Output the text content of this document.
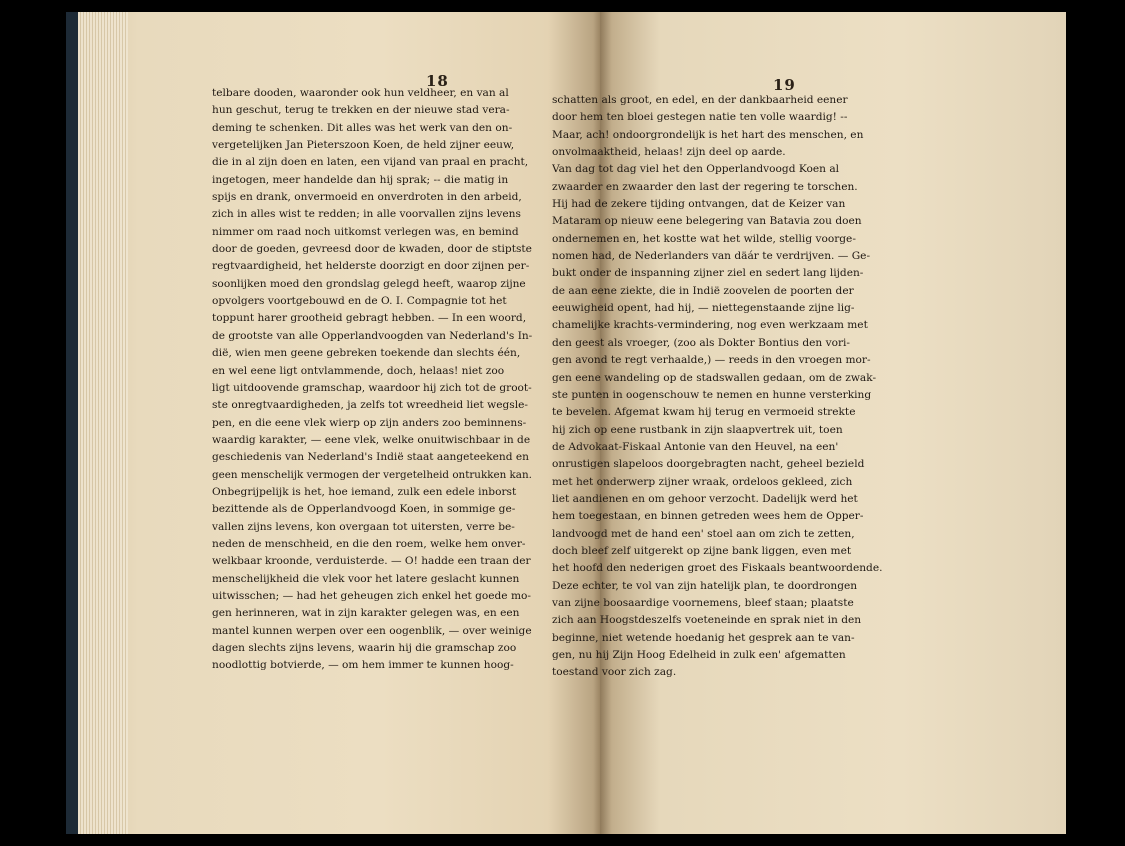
18	19
telbare dooden, waaronder ook hun veldheer, en van al
hun geschut, terug te trekken en der nieuwe stad vera-
deming te schenken. Dit alles was het werk van den on-
vergetelijken Jan Pieterszoon Koen, de held zijner eeuw,
die in al zijn doen en laten, een vijand van praal en pracht,
ingetogen, meer handelde dan hij sprak; -- die matig in
spijs en drank, onvermoeid en onverdroten in den arbeid,
zich in alles wist te redden; in alle voorvallen zijns levens
nimmer om raad noch uitkomst verlegen was, en bemind
door de goeden, gevreesd door de kwaden, door de stiptste
regtvaardigheid, het helderste doorzigt en door zijnen per-
soonlijken moed den grondslag gelegd heeft, waarop zijne
opvolgers voortgebouwd en de O. I. Compagnie tot het
toppunt harer grootheid gebragt hebben. — In een woord,
de grootste van alle Opperlandvoogden van Nederland's In-
dië, wien men geene gebreken toekende dan slechts één,
en wel eene ligt ontvlammende, doch, helaas! niet zoo
ligt uitdoovende gramschap, waardoor hij zich tot de groot-
ste onregtvaardigheden, ja zelfs tot wreedheid liet wegsle-
pen, en die eene vlek wierp op zijn anders zoo beminnens-
waardig karakter, — eene vlek, welke onuitwischbaar in de
geschiedenis van Nederland's Indië staat aangeteekend en
geen menschelijk vermogen der vergetelheid ontrukken kan.
Onbegrijpelijk is het, hoe iemand, zulk een edele inborst
bezittende als de Opperlandvoogd Koen, in sommige ge-
vallen zijns levens, kon overgaan tot uitersten, verre be-
neden de menschheid, en die den roem, welke hem onver-
welkbaar kroonde, verduisterde. — O! hadde een traan der
menschelijkheid die vlek voor het latere geslacht kunnen
uitwisschen; — had het geheugen zich enkel het goede mo-
gen herinneren, wat in zijn karakter gelegen was, en een
mantel kunnen werpen over een oogenblik, — over weinige
dagen slechts zijns levens, waarin hij die gramschap zoo
noodlottig botvierde, — om hem immer te kunnen hoog-
schatten als groot, en edel, en der dankbaarheid eener
door hem ten bloei gestegen natie ten volle waardig! --
Maar, ach! ondoorgrondelijk is het hart des menschen, en
onvolmaaktheid, helaas! zijn deel op aarde.
Van dag tot dag viel het den Opperlandvoogd Koen al
zwaarder en zwaarder den last der regering te torschen.
Hij had de zekere tijding ontvangen, dat de Keizer van
Mataram op nieuw eene belegering van Batavia zou doen
ondernemen en, het kostte wat het wilde, stellig voorge-
nomen had, de Nederlanders van däár te verdrijven. — Ge-
bukt onder de inspanning zijner ziel en sedert lang lijden-
de aan eene ziekte, die in Indië zoovelen de poorten der
eeuwigheid opent, had hij, — niettegenstaande zijne lig-
chamelijke krachts-vermindering, nog even werkzaam met
den geest als vroeger, (zoo als Dokter Bontius den vori-
gen avond te regt verhaalde,) — reeds in den vroegen mor-
gen eene wandeling op de stadswallen gedaan, om de zwak-
ste punten in oogenschouw te nemen en hunne versterking
te bevelen. Afgemat kwam hij terug en vermoeid strekte
hij zich op eene rustbank in zijn slaapvertrek uit, toen
de Advokaat-Fiskaal Antonie van den Heuvel, na een'
onrustigen slapeloos doorgebragten nacht, geheel bezield
met het onderwerp zijner wraak, ordeloos gekleed, zich
liet aandienen en om gehoor verzocht. Dadelijk werd het
hem toegestaan, en binnen getreden wees hem de Opper-
landvoogd met de hand een' stoel aan om zich te zetten,
doch bleef zelf uitgerekt op zijne bank liggen, even met
het hoofd den nederigen groet des Fiskaals beantwoordende.
Deze echter, te vol van zijn hatelijk plan, te doordrongen
van zijne boosaardige voornemens, bleef staan; plaatste
zich aan Hoogstdeszelfs voeteneinde en sprak niet in den
beginne, niet wetende hoedanig het gesprek aan te van-
gen, nu hij Zijn Hoog Edelheid in zulk een' afgematten
toestand voor zich zag.
